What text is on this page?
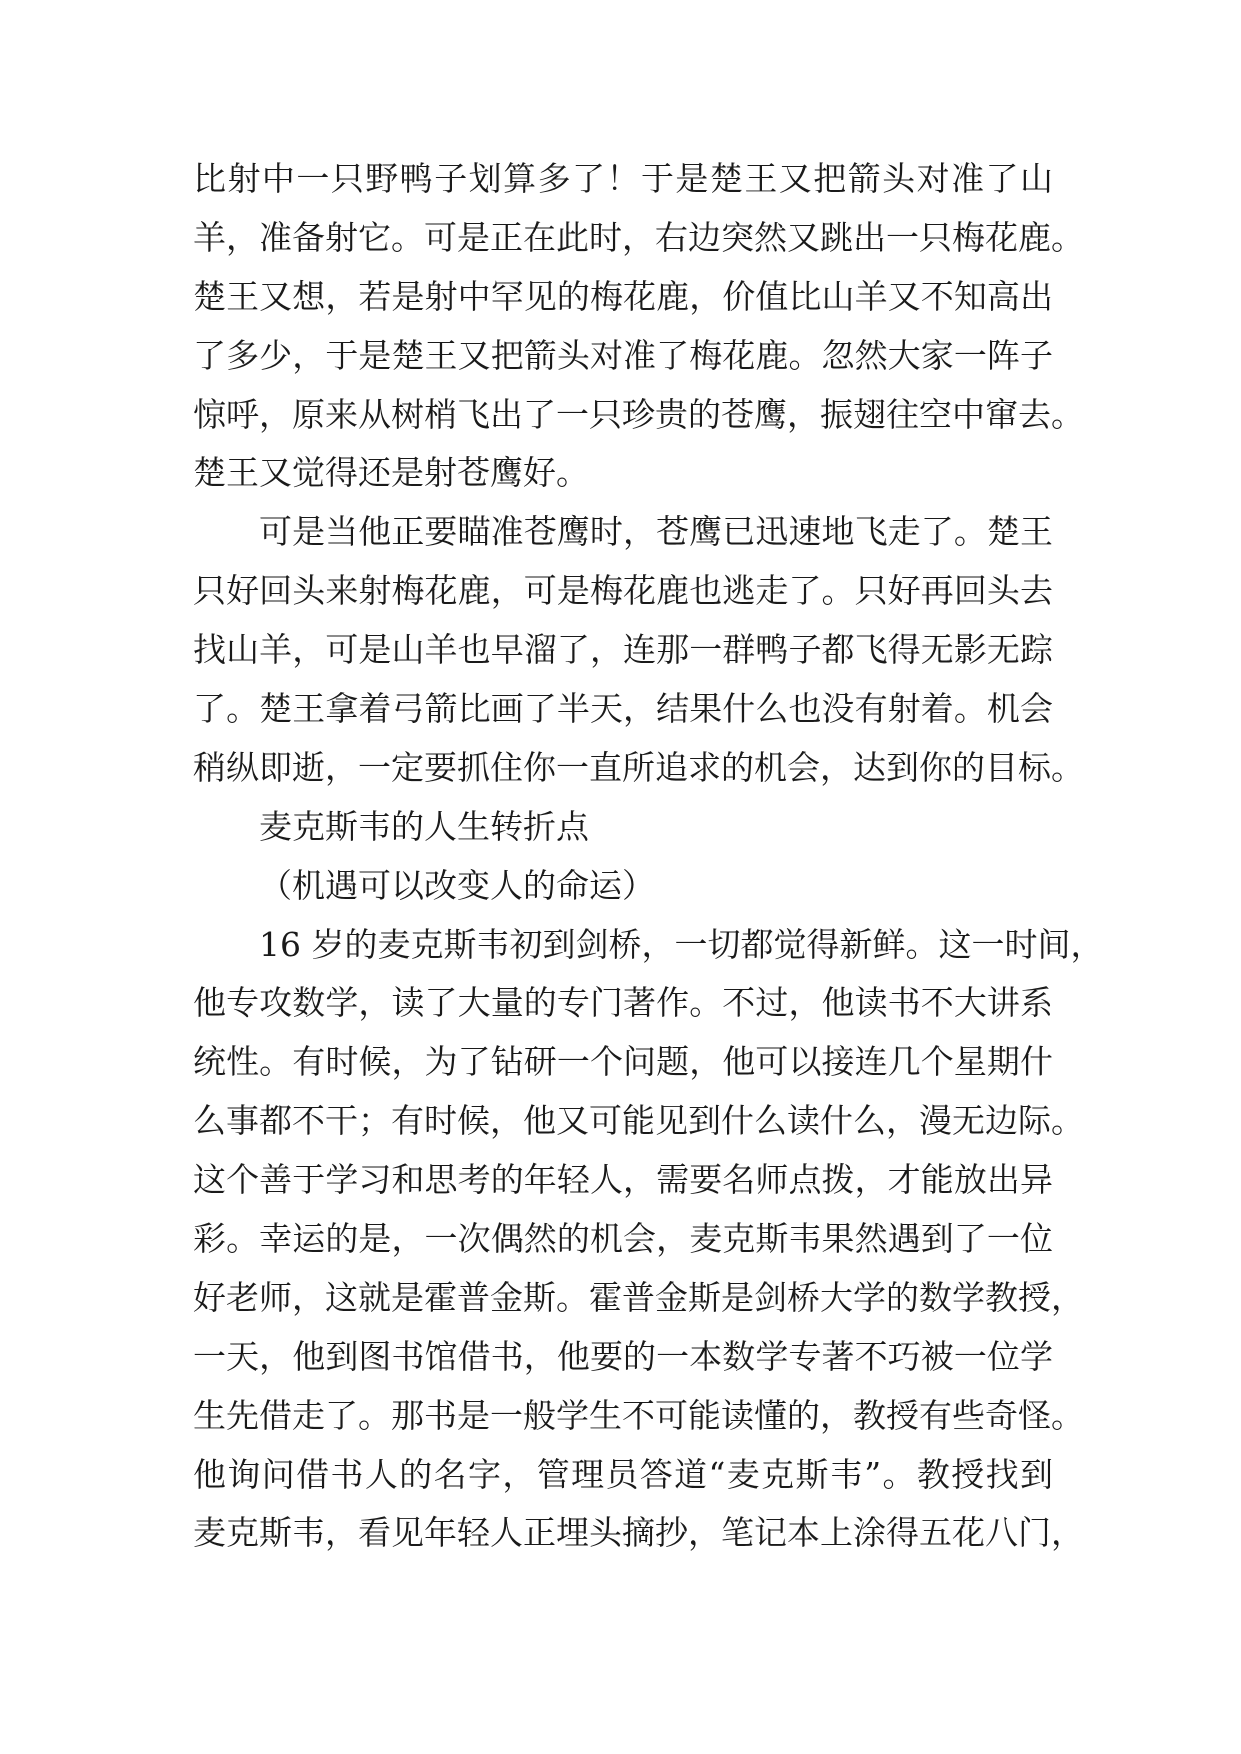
比射中一只野鸭子划算多了！于是楚王又把箭头对准了山
羊，准备射它。可是正在此时，右边突然又跳出一只梅花鹿。
楚王又想，若是射中罕见的梅花鹿，价值比山羊又不知高出
了多少，于是楚王又把箭头对准了梅花鹿。忽然大家一阵子
惊呼，原来从树梢飞出了一只珍贵的苍鹰，振翅往空中窜去。
楚王又觉得还是射苍鹰好。
可是当他正要瞄准苍鹰时，苍鹰已迅速地飞走了。楚王
只好回头来射梅花鹿，可是梅花鹿也逃走了。只好再回头去
找山羊，可是山羊也早溜了，连那一群鸭子都飞得无影无踪
了。楚王拿着弓箭比画了半天，结果什么也没有射着。机会
稍纵即逝，一定要抓住你一直所追求的机会，达到你的目标。
麦克斯韦的人生转折点
（机遇可以改变人的命运）
16 岁的麦克斯韦初到剑桥，一切都觉得新鲜。这一时间，
他专攻数学，读了大量的专门著作。不过，他读书不大讲系
统性。有时候，为了钻研一个问题，他可以接连几个星期什
么事都不干；有时候，他又可能见到什么读什么，漫无边际。
这个善于学习和思考的年轻人，需要名师点拨，才能放出异
彩。幸运的是，一次偶然的机会，麦克斯韦果然遇到了一位
好老师，这就是霍普金斯。霍普金斯是剑桥大学的数学教授，
一天，他到图书馆借书，他要的一本数学专著不巧被一位学
生先借走了。那书是一般学生不可能读懂的，教授有些奇怪。
他询问借书人的名字，管理员答道“麦克斯韦”。教授找到
麦克斯韦，看见年轻人正埋头摘抄，笔记本上涂得五花八门，
